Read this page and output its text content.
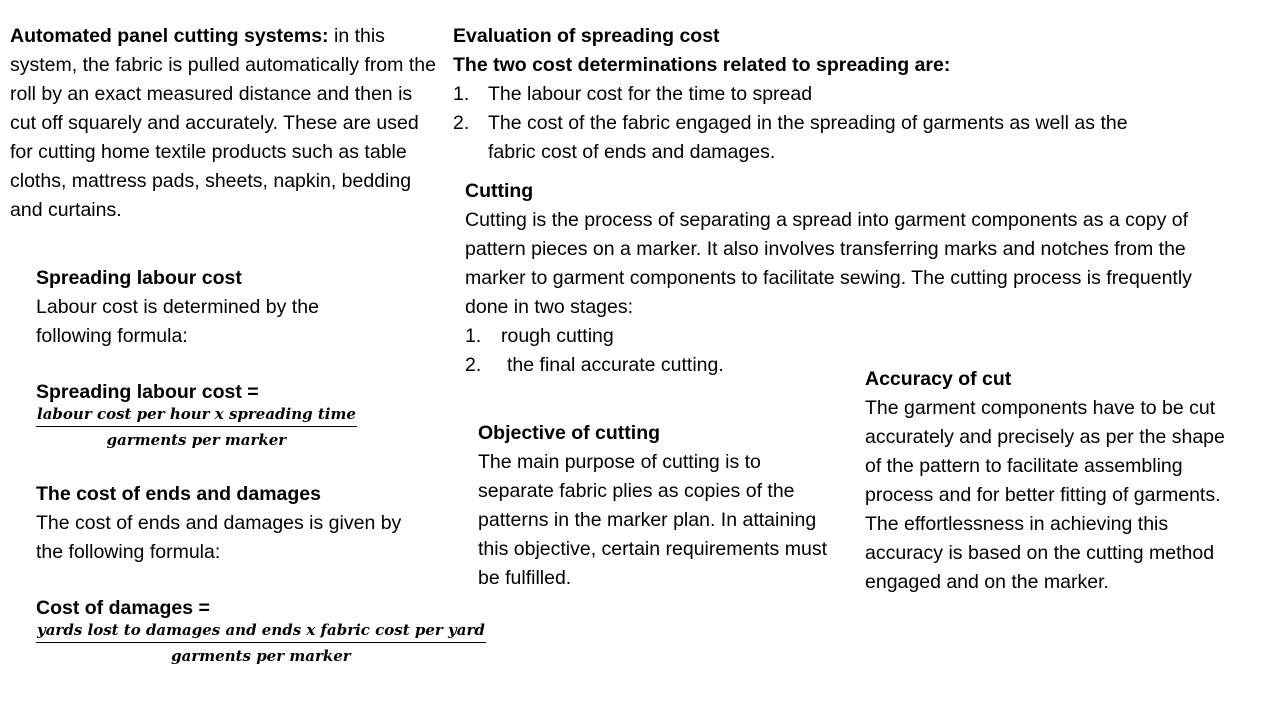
Automated panel cutting systems: in this system, the fabric is pulled automatically from the roll by an exact measured distance and then is cut off squarely and accurately. These are used for cutting home textile products such as table cloths, mattress pads, sheets, napkin, bedding and curtains.

Evaluation of spreading cost

The two cost determinations related to spreading are:

1. The labour cost for the time to spread
2. The cost of the fabric engaged in the spreading of garments as well as the fabric cost of ends and damages.

Cutting

Cutting is the process of separating a spread into garment components as a copy of pattern pieces on a marker. It also involves transferring marks and notches from the marker to garment components to facilitate sewing. The cutting process is frequently done in two stages:

1. rough cutting
2. the final accurate cutting.

Spreading labour cost

Labour cost is determined by the following formula:

Spreading labour cost =

$\frac{\text{labour cost per hour x spreading time}}{\text{garments per marker}}$

The cost of ends and damages

The cost of ends and damages is given by the following formula:

Cost of damages =

$\frac{\text{yards lost to damages and ends x fabric cost per yard}}{\text{garments per marker}}$

Objective of cutting

The main purpose of cutting is to separate fabric plies as copies of the patterns in the marker plan. In attaining this objective, certain requirements must be fulfilled.

Accuracy of cut

The garment components have to be cut accurately and precisely as per the shape of the pattern to facilitate assembling process and for better fitting of garments. The effortlessness in achieving this accuracy is based on the cutting method engaged and on the marker.
